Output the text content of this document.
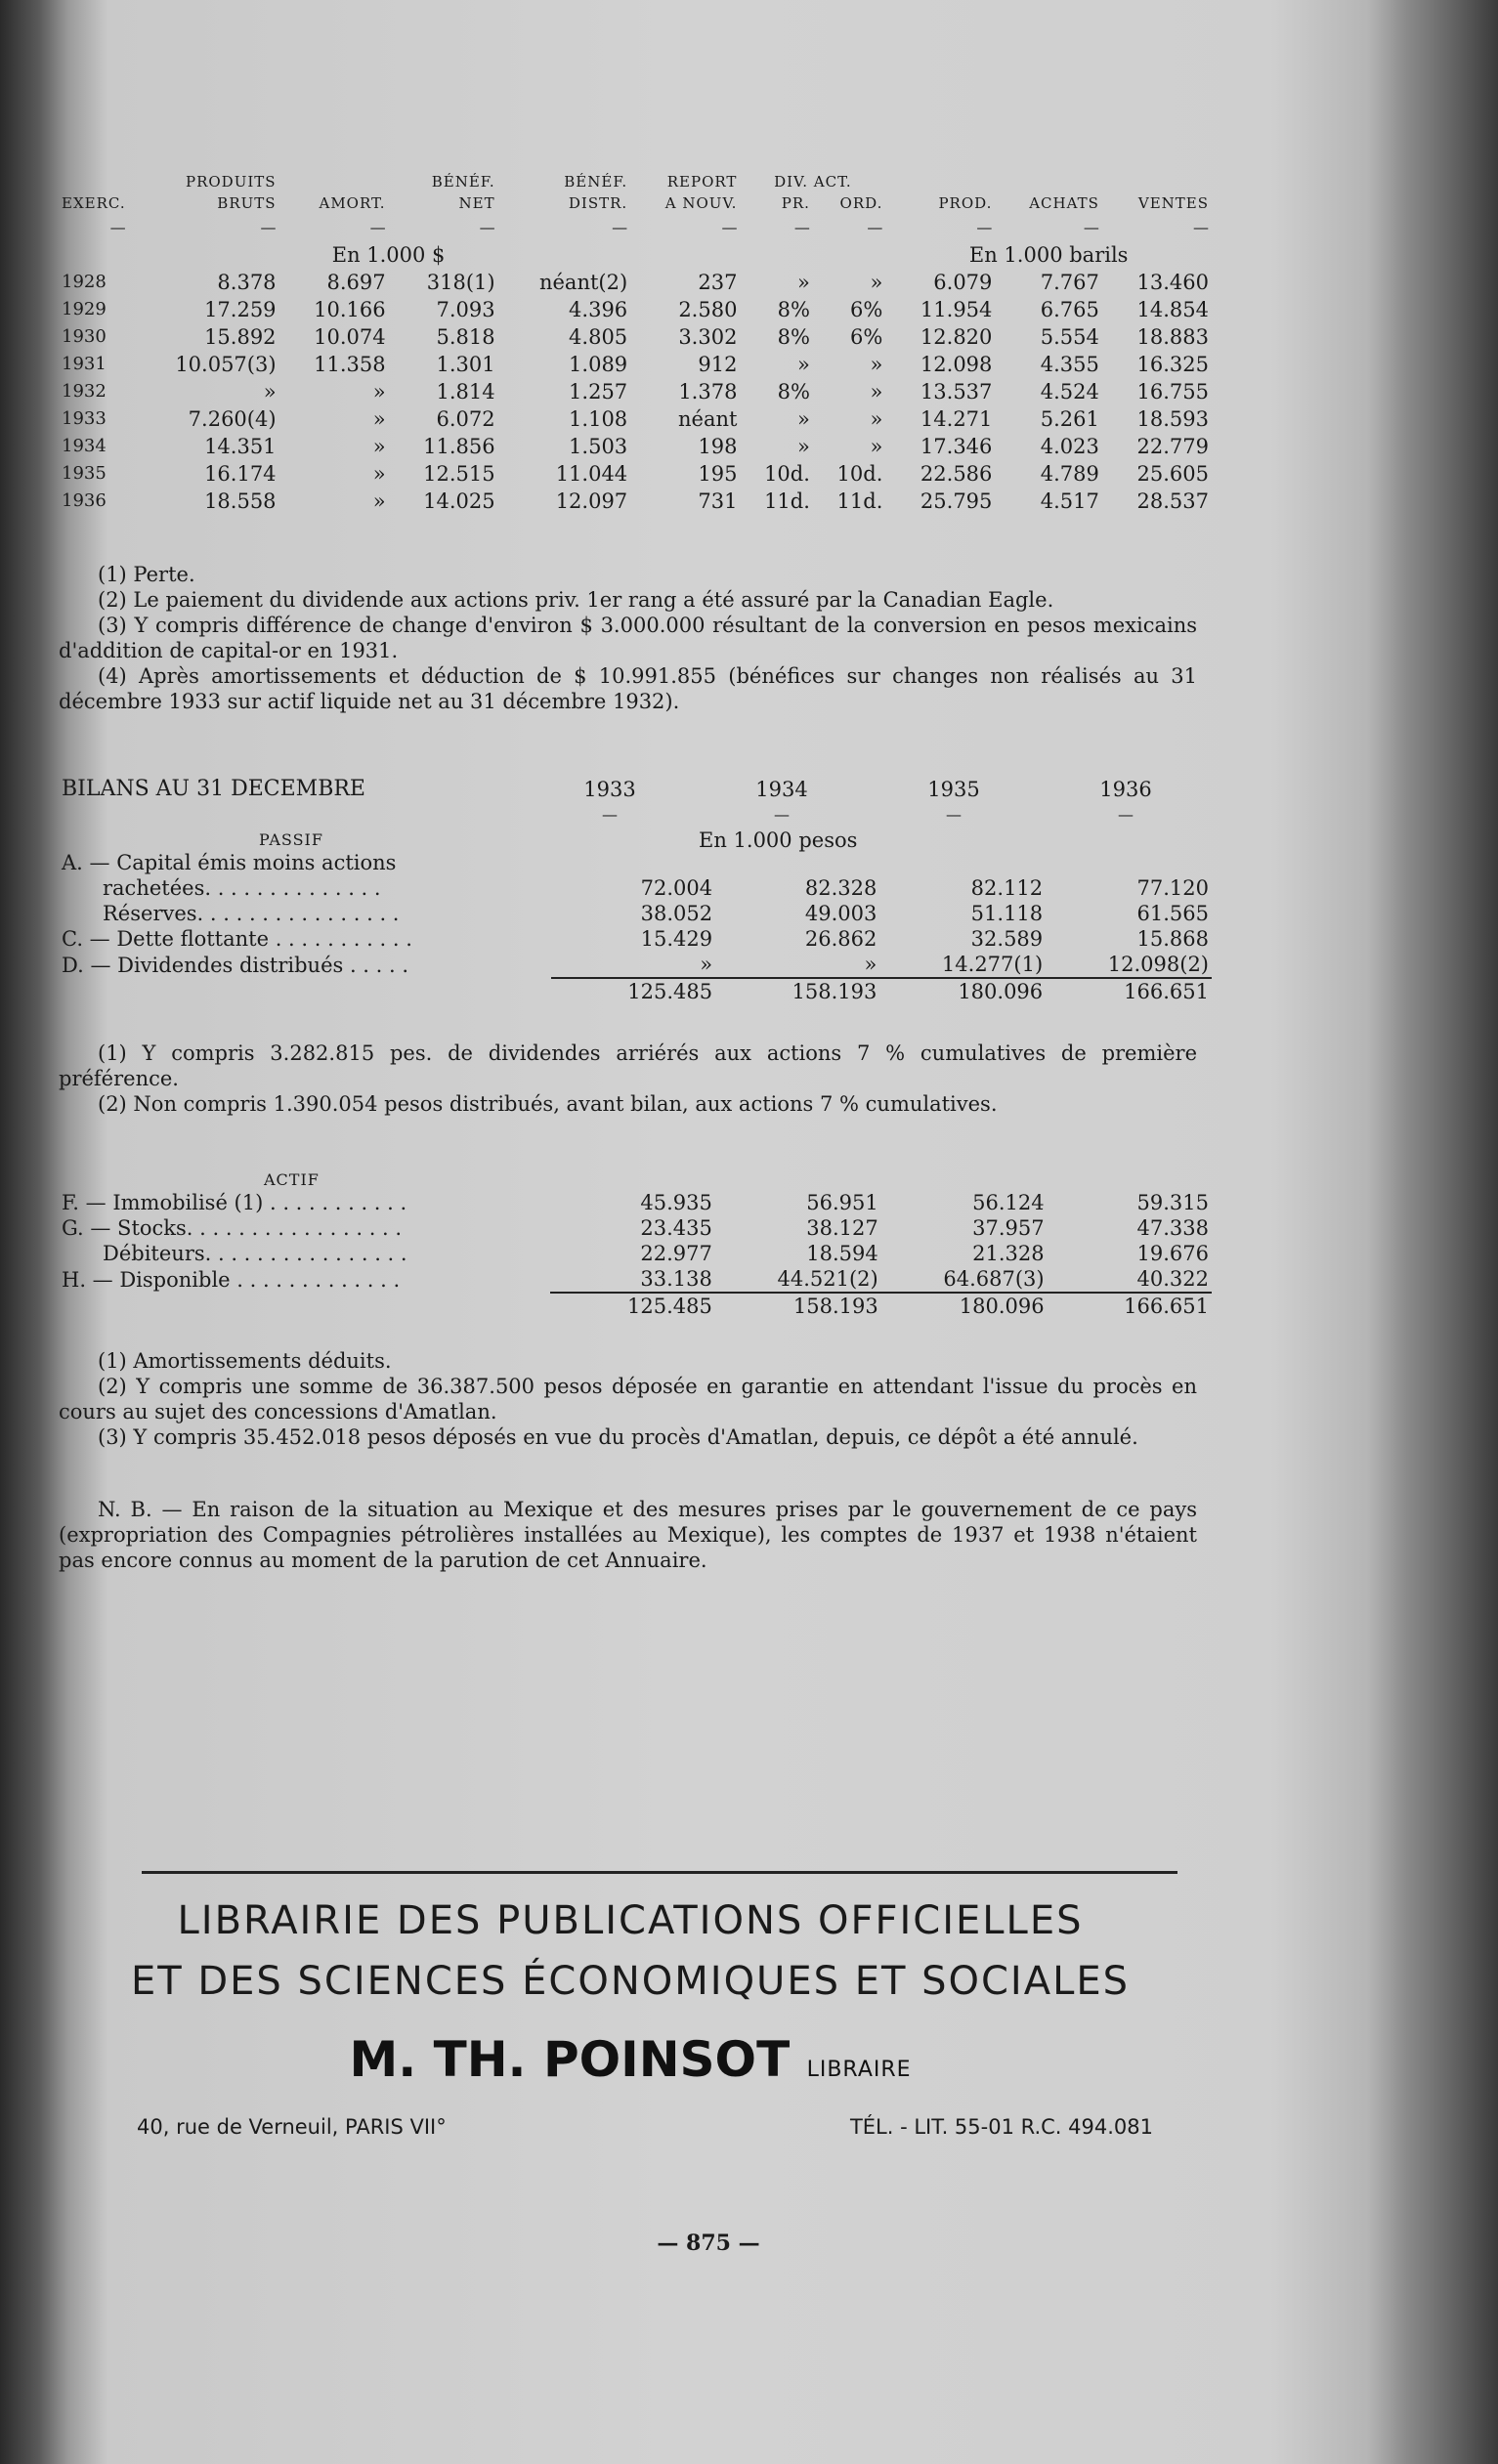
	PRODUITS		BÉNÉF.	BÉNÉF.	REPORT	DIV. ACT.				
EXERC.	BRUTS	AMORT.	NET	DISTR.	A NOUV.	PR.	ORD.	PROD.	ACHATS	VENTES
—	—	—	—	—	—	—	—	—	—	—
		En 1.000 $						En 1.000 barils		
1928	8.378	8.697	318(1)	néant(2)	237	»	»	6.079	7.767	13.460
1929	17.259	10.166	7.093	4.396	2.580	8%	6%	11.954	6.765	14.854
1930	15.892	10.074	5.818	4.805	3.302	8%	6%	12.820	5.554	18.883
1931	10.057(3)	11.358	1.301	1.089	912	»	»	12.098	4.355	16.325
1932	»	»	1.814	1.257	1.378	8%	»	13.537	4.524	16.755
1933	7.260(4)	»	6.072	1.108	néant	»	»	14.271	5.261	18.593
1934	14.351	»	11.856	1.503	198	»	»	17.346	4.023	22.779
1935	16.174	»	12.515	11.044	195	10d.	10d.	22.586	4.789	25.605
1936	18.558	»	14.025	12.097	731	11d.	11d.	25.795	4.517	28.537

(1) Perte.

(2) Le paiement du dividende aux actions priv. 1er rang a été assuré par la Canadian Eagle.

(3) Y compris différence de change d'environ $ 3.000.000 résultant de la conversion en pesos mexicains d'addition de capital-or en 1931.

(4) Après amortissements et déduction de $ 10.991.855 (bénéfices sur changes non réalisés au 31 décembre 1933 sur actif liquide net au 31 décembre 1932).

BILANS AU 31 DECEMBRE	1933	1934	1935	1936
	—	—	—	—
PASSIF		En 1.000 pesos		
A. — Capital émis moins actions				
rachetées. . . . . . . . . . . . . .	72.004	82.328	82.112	77.120
Réserves. . . . . . . . . . . . . . . .	38.052	49.003	51.118	61.565
C. — Dette flottante . . . . . . . . . . .	15.429	26.862	32.589	15.868
D. — Dividendes distribués . . . . .	»	»	14.277(1)	12.098(2)

	125.485	158.193	180.096	166.651

(1) Y compris 3.282.815 pes. de dividendes arriérés aux actions 7 % cumulatives de première préférence.

(2) Non compris 1.390.054 pesos distribués, avant bilan, aux actions 7 % cumulatives.

ACTIF
F. — Immobilisé (1) . . . . . . . . . . .	45.935	56.951	56.124	59.315
G. — Stocks. . . . . . . . . . . . . . . . .	23.435	38.127	37.957	47.338
Débiteurs. . . . . . . . . . . . . . . .	22.977	18.594	21.328	19.676
H. — Disponible . . . . . . . . . . . . .	33.138	44.521(2)	64.687(3)	40.322

	125.485	158.193	180.096	166.651

(1) Amortissements déduits.

(2) Y compris une somme de 36.387.500 pesos déposée en garantie en attendant l'issue du procès en cours au sujet des concessions d'Amatlan.

(3) Y compris 35.452.018 pesos déposés en vue du procès d'Amatlan, depuis, ce dépôt a été annulé.

N. B. — En raison de la situation au Mexique et des mesures prises par le gouvernement de ce pays (expropriation des Compagnies pétrolières installées au Mexique), les comptes de 1937 et 1938 n'étaient pas encore connus au moment de la parution de cet Annuaire.

LIBRAIRIE DES PUBLICATIONS OFFICIELLES
ET DES SCIENCES ÉCONOMIQUES ET SOCIALES
M. TH. POINSOT LIBRAIRE
40, rue de Verneuil, PARIS VII°	TÉL. - LIT. 55-01 R.C. 494.081
— 875 —
